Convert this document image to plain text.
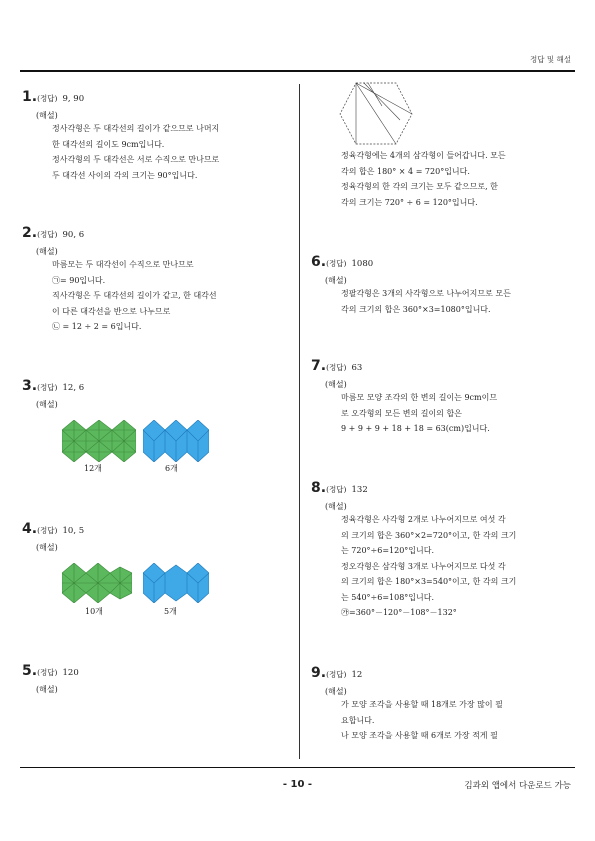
정답 및 해설
1.(정답) 9, 90
(해설)
정사각형은 두 대각선의 길이가 같으므로 나머지
한 대각선의 길이도 9cm입니다.
정사각형의 두 대각선은 서로 수직으로 만나므로
두 대각선 사이의 각의 크기는 90°입니다.
2.(정답) 90, 6
(해설)
마름모는 두 대각선이 수직으로 만나므로
㉠= 90입니다.
직사각형은 두 대각선의 길이가 같고, 한 대각선
이 다른 대각선을 반으로 나누므로
㉡ = 12 ÷ 2 = 6입니다.
3.(정답) 12, 6
(해설)
12개	6개
4.(정답) 10, 5
(해설)
10개	5개
5.(정답) 120
(해설)
정육각형에는 4개의 삼각형이 들어갑니다. 모든
각의 합은 180° × 4 = 720°입니다.
정육각형의 한 각의 크기는 모두 같으므로, 한
각의 크기는 720° ÷ 6 = 120°입니다.
6.(정답) 1080
(해설)
정팔각형은 3개의 사각형으로 나누어지므로 모든
각의 크기의 합은 360°×3=1080°입니다.
7.(정답) 63
(해설)
마름모 모양 조각의 한 변의 길이는 9cm이므
로 오각형의 모든 변의 길이의 합은
9 + 9 + 9 + 18 + 18 = 63(cm)입니다.
8.(정답) 132
(해설)
정육각형은 사각형 2개로 나누어지므로 여섯 각
의 크기의 합은 360°×2=720°이고, 한 각의 크기
는 720°÷6=120°입니다.
정오각형은 삼각형 3개로 나누어지므로 다섯 각
의 크기의 합은 180°×3=540°이고, 한 각의 크기
는 540°÷6=108°입니다.
㉮=360°－120°－108°－132°
9.(정답) 12
(해설)
가 모양 조각을 사용할 때 18개로 가장 많이 필
요합니다.
나 모양 조각을 사용할 때 6개로 가장 적게 필
- 10 -	김과외 앱에서 다운로드 가능
